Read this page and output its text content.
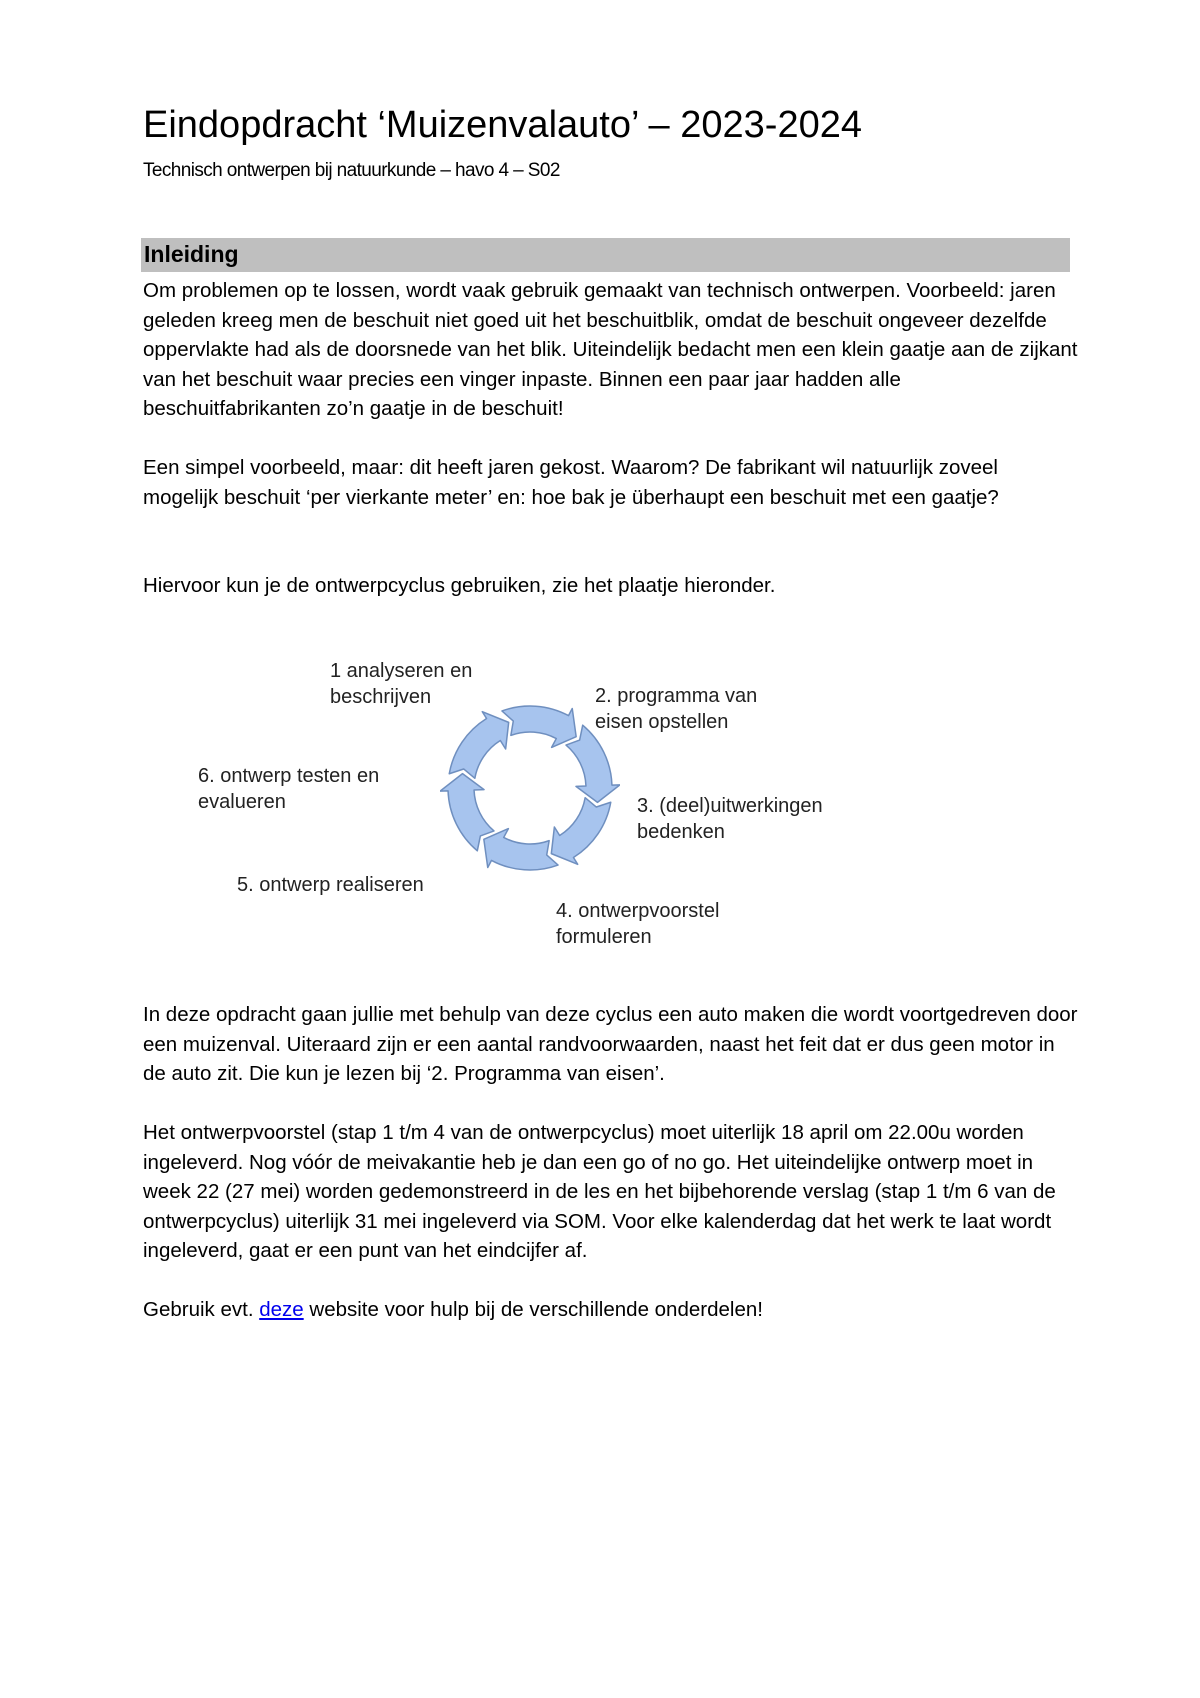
Eindopdracht ‘Muizenvalauto’ – 2023-2024

Technisch ontwerpen bij natuurkunde – havo 4 – S02

Inleiding

Om problemen op te lossen, wordt vaak gebruik gemaakt van technisch ontwerpen. Voorbeeld: jaren geleden kreeg men de beschuit niet goed uit het beschuitblik, omdat de beschuit ongeveer dezelfde oppervlakte had als de doorsnede van het blik. Uiteindelijk bedacht men een klein gaatje aan de zijkant van het beschuit waar precies een vinger inpaste. Binnen een paar jaar hadden alle beschuitfabrikanten zo’n gaatje in de beschuit!

Een simpel voorbeeld, maar: dit heeft jaren gekost. Waarom? De fabrikant wil natuurlijk zoveel mogelijk beschuit ‘per vierkante meter’ en: hoe bak je überhaupt een beschuit met een gaatje?

Hiervoor kun je de ontwerpcyclus gebruiken, zie het plaatje hieronder.

1 analyseren en
beschrijven	2. programma van
eisen opstellen
3. (deel)uitwerkingen
bedenken
4. ontwerpvoorstel
formuleren
5. ontwerp realiseren
6. ontwerp testen en
evalueren

In deze opdracht gaan jullie met behulp van deze cyclus een auto maken die wordt voortgedreven door een muizenval. Uiteraard zijn er een aantal randvoorwaarden, naast het feit dat er dus geen motor in de auto zit. Die kun je lezen bij ‘2. Programma van eisen’.

Het ontwerpvoorstel (stap 1 t/m 4 van de ontwerpcyclus) moet uiterlijk 18 april om 22.00u worden ingeleverd. Nog vóór de meivakantie heb je dan een go of no go. Het uiteindelijke ontwerp moet in week 22 (27 mei) worden gedemonstreerd in de les en het bijbehorende verslag (stap 1 t/m 6 van de ontwerpcyclus) uiterlijk 31 mei ingeleverd via SOM. Voor elke kalenderdag dat het werk te laat wordt ingeleverd, gaat er een punt van het eindcijfer af.

Gebruik evt. deze website voor hulp bij de verschillende onderdelen!
